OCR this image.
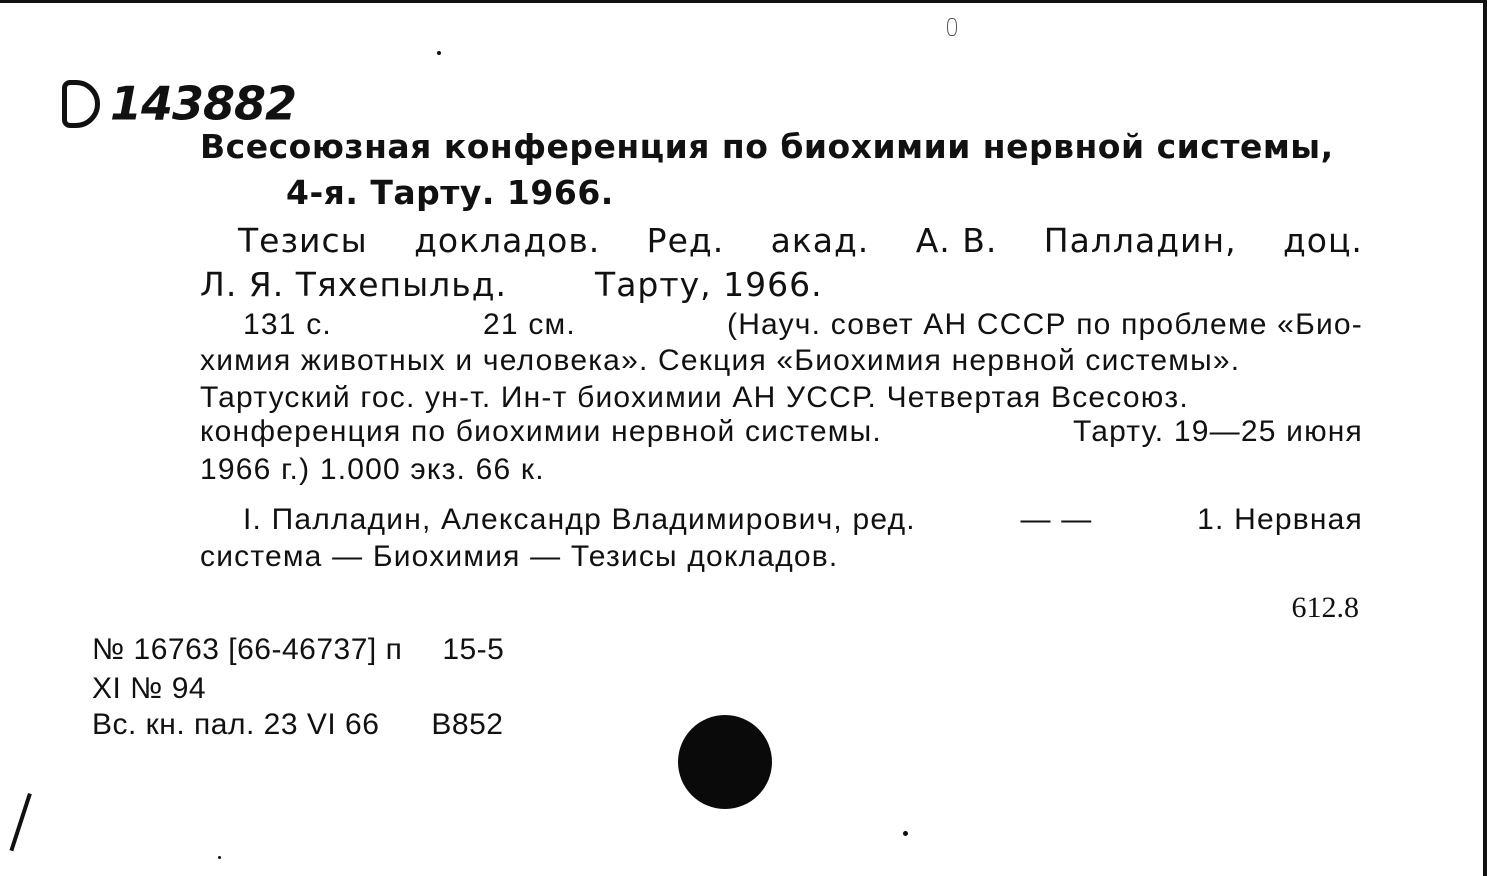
143882
Всесоюзная конференция по биохимии нервной системы,
4-я. Тарту. 1966.
Тезисы докладов. Ред. акад. А. В. Палладин, доц.
Л. Я. Тяхепыльд.	Тарту, 1966.
131 с.	21 см.	(Науч. совет АН СССР по проблеме «Био-
химия животных и человека». Секция «Биохимия нервной системы».
Тартуский гос. ун-т. Ин-т биохимии АН УССР. Четвертая Всесоюз.
конференция по биохимии нервной системы.	Тарту. 19—25 июня
1966 г.) 1.000 экз. 66 к.
I. Палладин, Александр Владимирович, ред.	— —	1. Нервная
система — Биохимия — Тезисы докладов.
612.8
№ 16763 [66-46737] п 15-5
XI № 94
Вс. кн. пал. 23 VI 66 В852
